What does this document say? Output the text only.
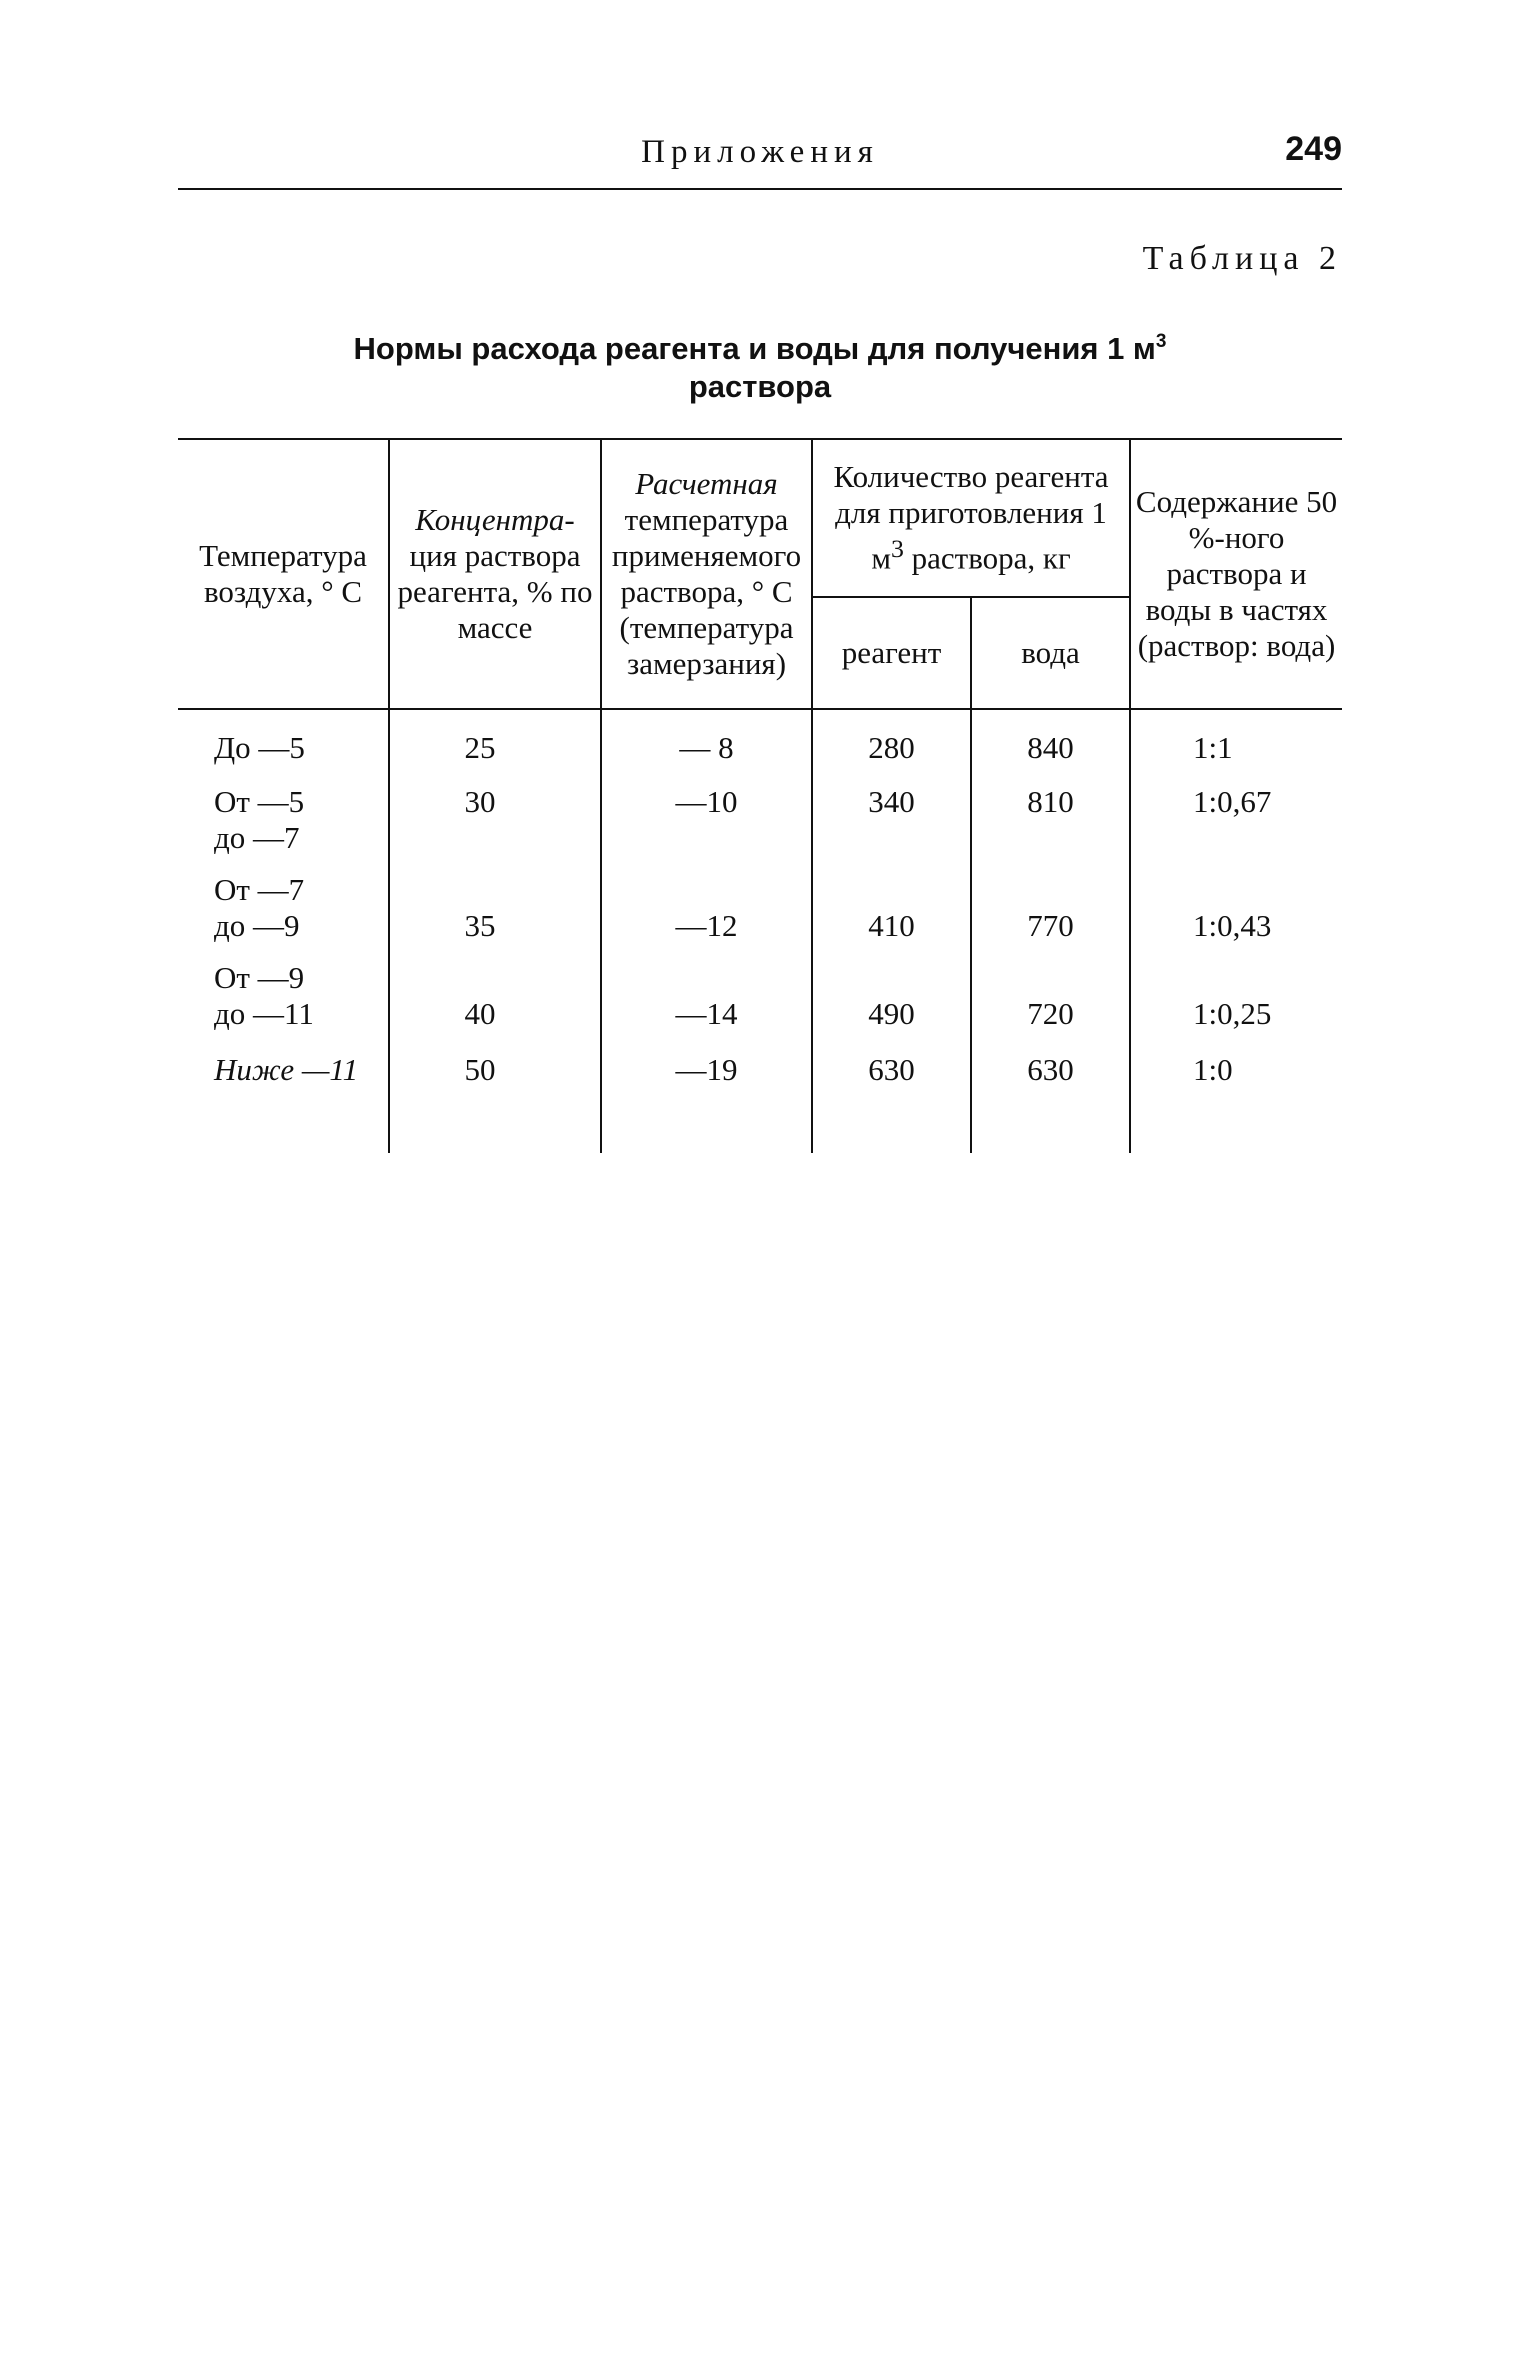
Приложения	249
Таблица 2
Нормы расхода реагента и воды для получения 1 $м^3$
раствора
Температура воздуха, ° С	Концентра-ция раствора реагента, % по массе	Расчетная температура применяемого раствора, ° С (температура замерзания)	Количество реагента для приготовления 1 $м^3$ раствора, кг		Содержание 50 %-ного раствора и воды в частях (раствор: вода)
			реагент	вода	

До —5	25	— 8	280	840	1:1

От —5
до —7	30	—10	340	810	1:0,67

От —7
до —9	35	—12	410	770	1:0,43

От —9
до —11	40	—14	490	720	1:0,25

Ниже —11	50	—19	630	630	1:0
